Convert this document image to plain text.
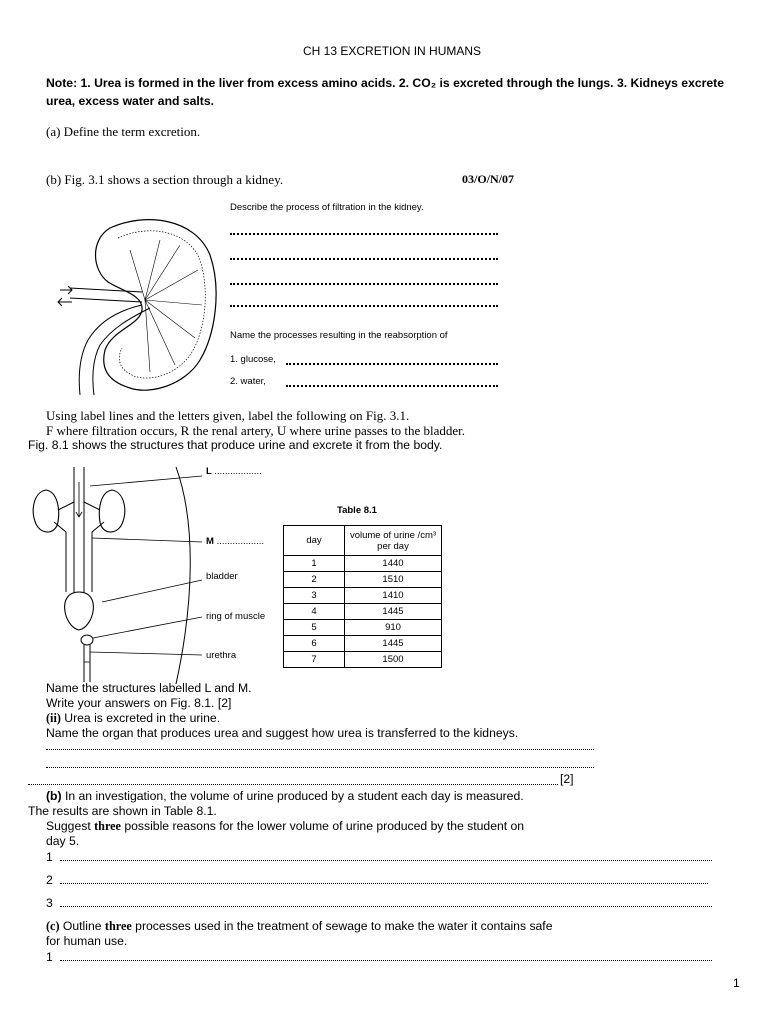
CH 13 EXCRETION IN HUMANS
Note: 1. Urea is formed in the liver from excess amino acids. 2. CO₂ is excreted through the lungs. 3. Kidneys excrete urea, excess water and salts.
(a) Define the term excretion.
(b) Fig. 3.1 shows a section through a kidney.	03/O/N/07
Describe the process of filtration in the kidney.
Name the processes resulting in the reabsorption of
1. glucose,
2. water,
Using label lines and the letters given, label the following on Fig. 3.1.
F where filtration occurs, R the renal artery, U where urine passes to the bladder.
Fig. 8.1 shows the structures that produce urine and excrete it from the body.
L ..................
M ..................
bladder
ring of muscle
urethra
Table 8.1
day	volume of urine /cm³ per day
1	1440
2	1510
3	1410
4	1445
5	910
6	1445
7	1500
Name the structures labelled L and M.
Write your answers on Fig. 8.1. [2]
(ii) Urea is excreted in the urine.
Name the organ that produces urea and suggest how urea is transferred to the kidneys.
[2]
(b) In an investigation, the volume of urine produced by a student each day is measured.
The results are shown in Table 8.1.
Suggest three possible reasons for the lower volume of urine produced by the student on
day 5.
1
2
3
(c) Outline three processes used in the treatment of sewage to make the water it contains safe
for human use.
1
1
